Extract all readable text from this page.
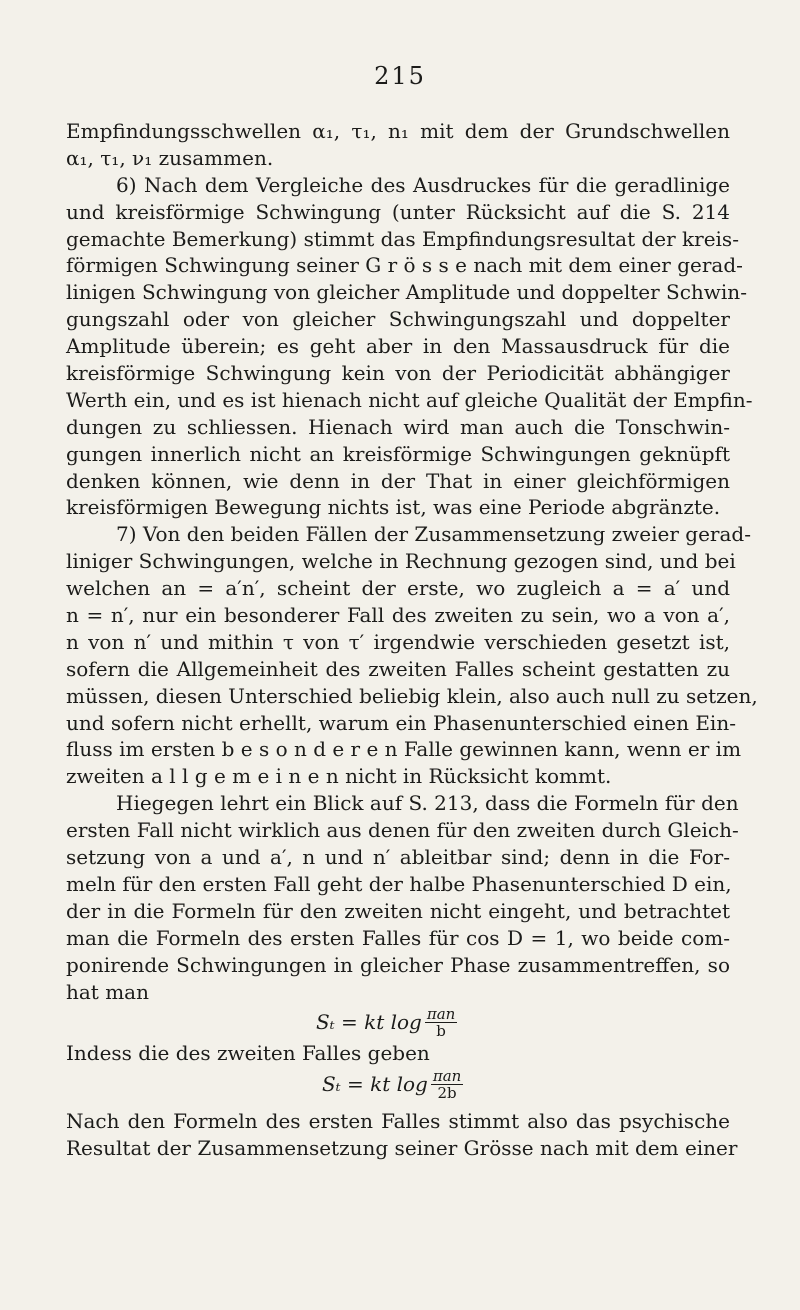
215
Empfindungsschwellen α₁, τ₁, n₁ mit dem der Grundschwellen
α₁, τ₁, ν₁ zusammen.
6) Nach dem Vergleiche des Ausdruckes für die geradlinige
und kreisförmige Schwingung (unter Rücksicht auf die S. 214
gemachte Bemerkung) stimmt das Empfindungsresultat der kreis-
förmigen Schwingung seiner G r ö s s e nach mit dem einer gerad-
linigen Schwingung von gleicher Amplitude und doppelter Schwin-
gungszahl oder von gleicher Schwingungszahl und doppelter
Amplitude überein; es geht aber in den Massausdruck für die
kreisförmige Schwingung kein von der Periodicität abhängiger
Werth ein, und es ist hienach nicht auf gleiche Qualität der Empfin-
dungen zu schliessen. Hienach wird man auch die Tonschwin-
gungen innerlich nicht an kreisförmige Schwingungen geknüpft
denken können, wie denn in der That in einer gleichförmigen
kreisförmigen Bewegung nichts ist, was eine Periode abgränzte.
7) Von den beiden Fällen der Zusammensetzung zweier gerad-
liniger Schwingungen, welche in Rechnung gezogen sind, und bei
welchen an = a′n′, scheint der erste, wo zugleich a = a′ und
n = n′, nur ein besonderer Fall des zweiten zu sein, wo a von a′,
n von n′ und mithin τ von τ′ irgendwie verschieden gesetzt ist,
sofern die Allgemeinheit des zweiten Falles scheint gestatten zu
müssen, diesen Unterschied beliebig klein, also auch null zu setzen,
und sofern nicht erhellt, warum ein Phasenunterschied einen Ein-
fluss im ersten b e s o n d e r e n Falle gewinnen kann, wenn er im
zweiten a l l g e m e i n e n nicht in Rücksicht kommt.
Hiegegen lehrt ein Blick auf S. 213, dass die Formeln für den
ersten Fall nicht wirklich aus denen für den zweiten durch Gleich-
setzung von a und a′, n und n′ ableitbar sind; denn in die For-
meln für den ersten Fall geht der halbe Phasenunterschied D ein,
der in die Formeln für den zweiten nicht eingeht, und betrachtet
man die Formeln des ersten Falles für cos D = 1, wo beide com-
ponirende Schwingungen in gleicher Phase zusammentreffen, so
hat man
Sₜ = kt $\log \frac{\text{πan}}{b}$
Indess die des zweiten Falles geben
Sₜ = kt $\log \frac{\text{πan}}{2b}$
Nach den Formeln des ersten Falles stimmt also das psychische
Resultat der Zusammensetzung seiner Grösse nach mit dem einer
